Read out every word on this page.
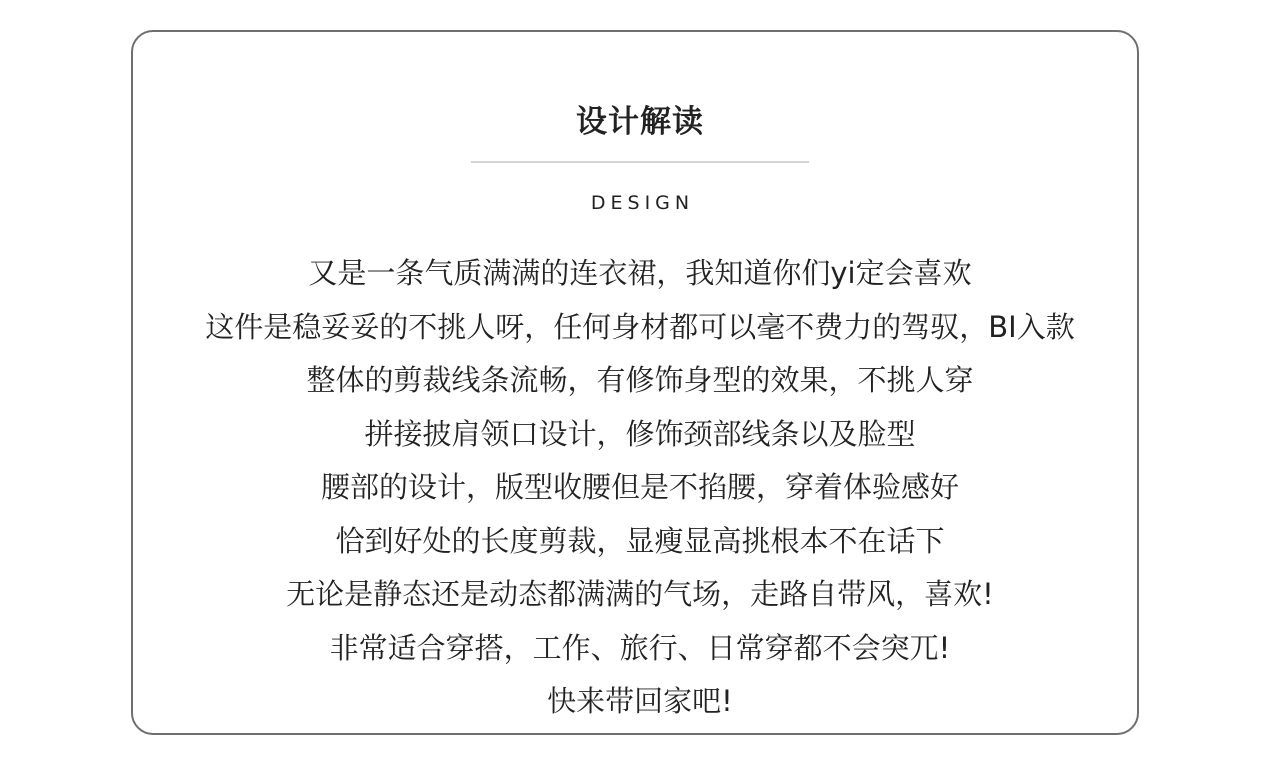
设计解读
DESIGN
又是一条气质满满的连衣裙，我知道你们yi定会喜欢
这件是稳妥妥的不挑人呀，任何身材都可以毫不费力的驾驭，BI入款
整体的剪裁线条流畅，有修饰身型的效果，不挑人穿
拼接披肩领口设计，修饰颈部线条以及脸型
腰部的设计，版型收腰但是不掐腰，穿着体验感好
恰到好处的长度剪裁，显瘦显高挑根本不在话下
无论是静态还是动态都满满的气场，走路自带风，喜欢!
非常适合穿搭，工作、旅行、日常穿都不会突兀!
快来带回家吧!
